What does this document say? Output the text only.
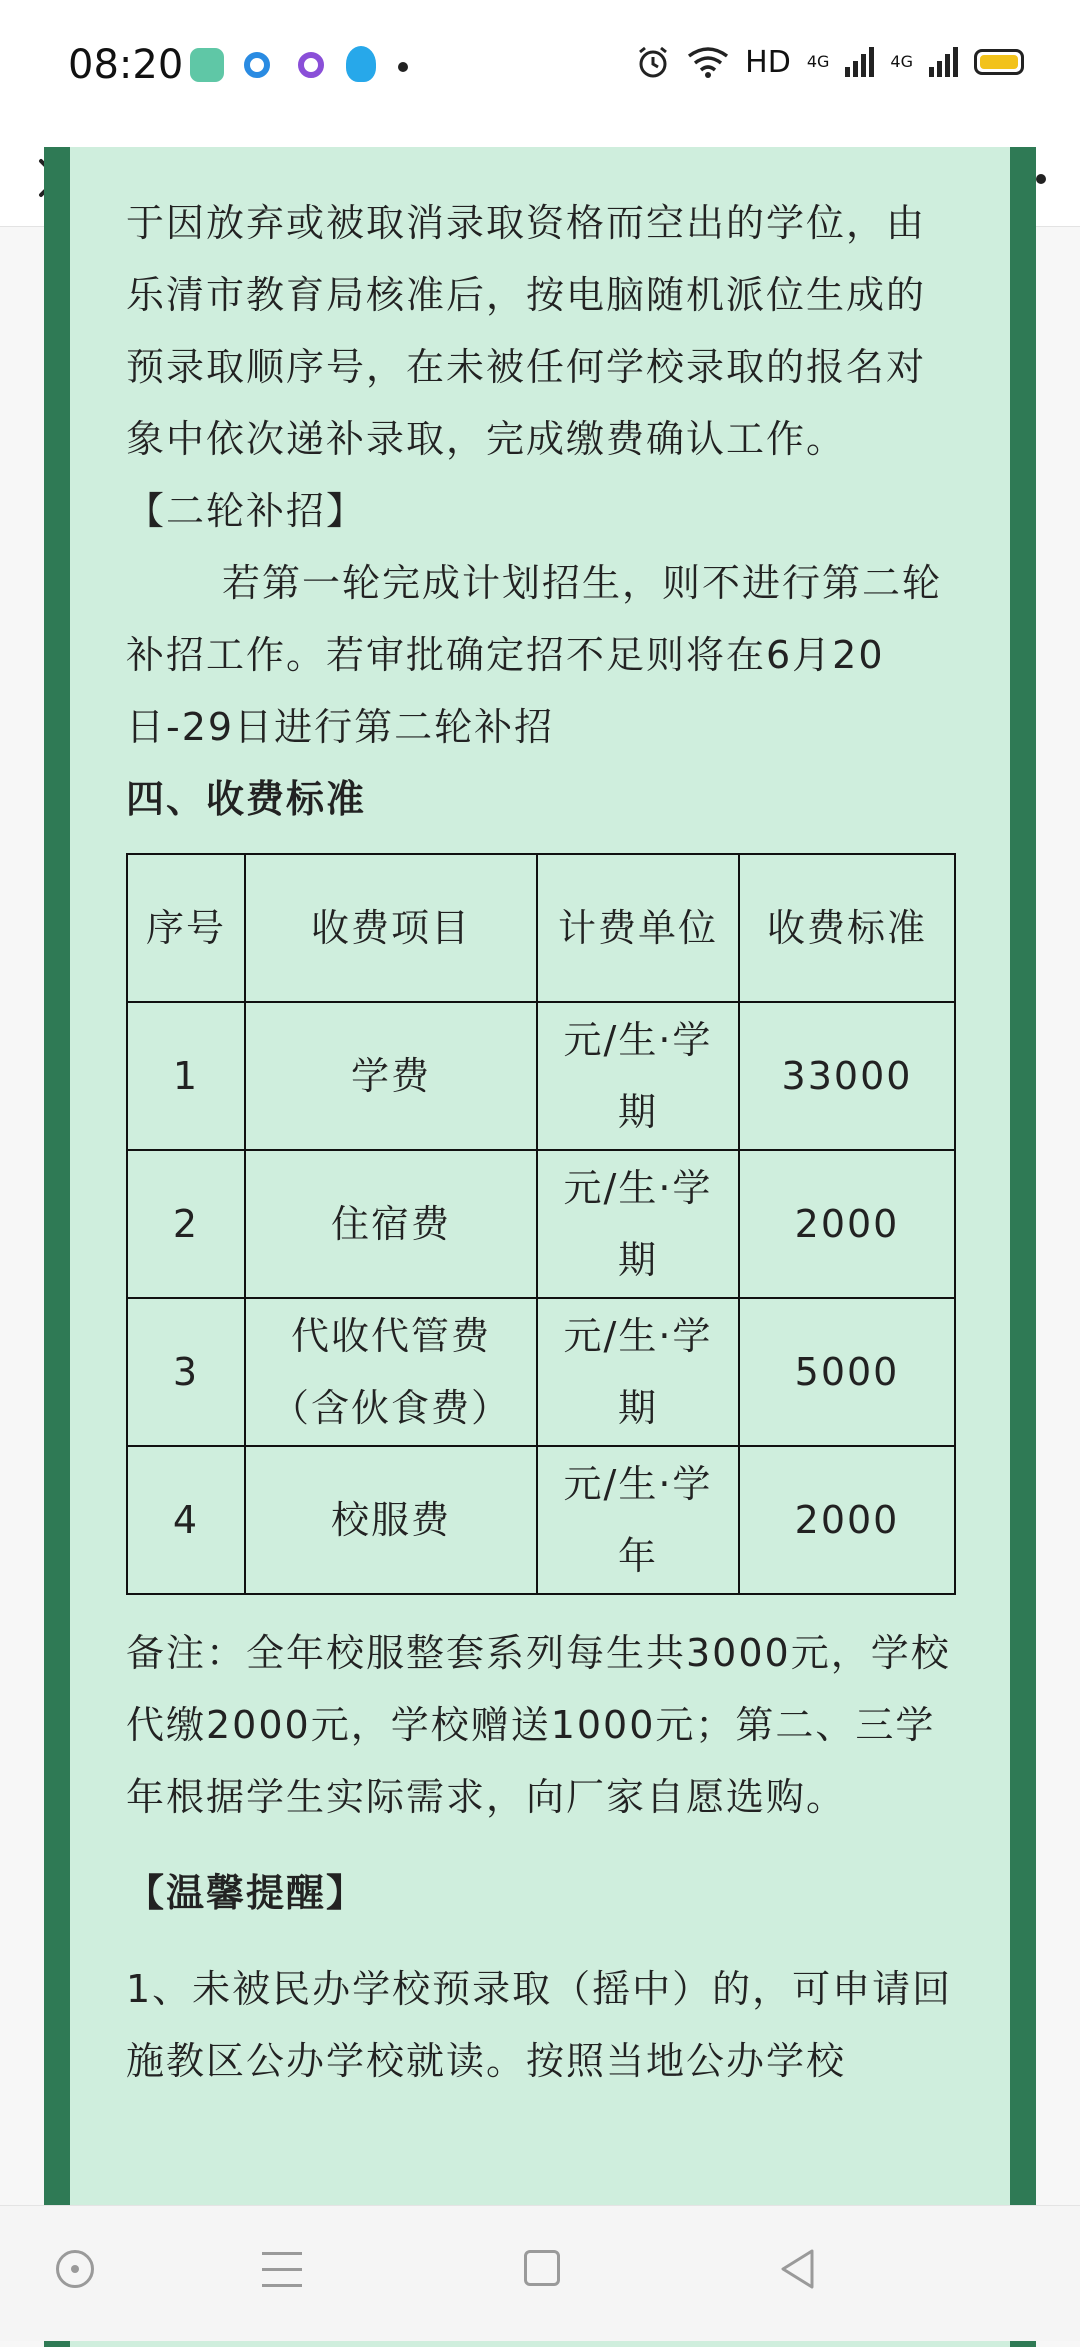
08:20	HD 4G	4G

于因放弃或被取消录取资格而空出的学位，由乐清市教育局核准后，按电脑随机派位生成的预录取顺序号，在未被任何学校录取的报名对象中依次递补录取，完成缴费确认工作。

【二轮补招】

若第一轮完成计划招生，则不进行第二轮补招工作。若审批确定招不足则将在6月20日-29日进行第二轮补招

四、收费标准

序号	收费项目	计费单位	收费标准
1	学费	元/生·学期	33000
2	住宿费	元/生·学期	2000
3	代收代管费（含伙食费）	元/生·学期	5000
4	校服费	元/生·学年	2000

备注：全年校服整套系列每生共3000元，学校代缴2000元，学校赠送1000元；第二、三学年根据学生实际需求，向厂家自愿选购。

【温馨提醒】

1、未被民办学校预录取（摇中）的，可申请回施教区公办学校就读。按照当地公办学校
